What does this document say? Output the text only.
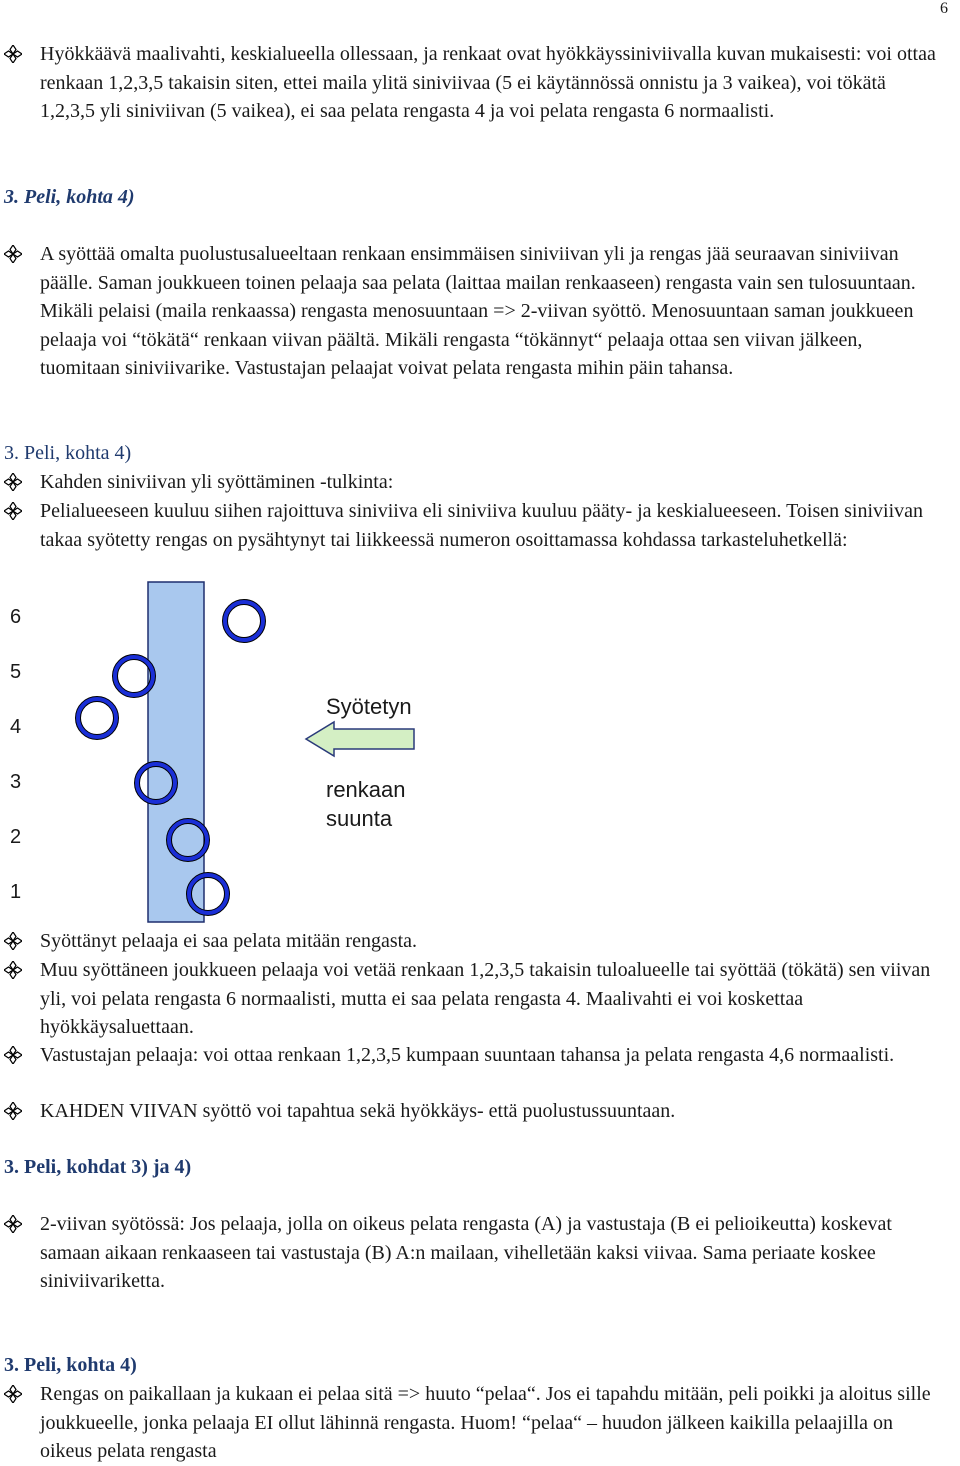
6

Hyökkäävä maalivahti, keskialueella ollessaan, ja renkaat ovat hyökkäyssiniviivalla kuvan mukaisesti: voi ottaa renkaan 1,2,3,5 takaisin siten, ettei maila ylitä siniviivaa (5 ei käytännössä onnistu ja 3 vaikea), voi tökätä 1,2,3,5 yli siniviivan (5 vaikea), ei saa pelata rengasta 4 ja voi pelata rengasta 6 normaalisti.

3. Peli, kohta 4)

A syöttää omalta puolustusalueeltaan renkaan ensimmäisen siniviivan yli ja rengas jää seuraavan siniviivan päälle. Saman joukkueen toinen pelaaja saa pelata (laittaa mailan renkaaseen) rengasta vain sen tulosuuntaan. Mikäli pelaisi (maila renkaassa) rengasta menosuuntaan => 2-viivan syöttö. Menosuuntaan saman joukkueen pelaaja voi “tökätä“ renkaan viivan päältä. Mikäli rengasta “tökännyt“ pelaaja ottaa sen viivan jälkeen, tuomitaan siniviivarike. Vastustajan pelaajat voivat pelata rengasta mihin päin tahansa.

3. Peli, kohta 4)

Kahden siniviivan yli syöttäminen -tulkinta:

Pelialueeseen kuuluu siihen rajoittuva siniviiva eli siniviiva kuuluu pääty- ja keskialueeseen. Toisen siniviivan takaa syötetty rengas on pysähtynyt tai liikkeessä numeron osoittamassa kohdassa tarkasteluhetkellä:

6
5
4
3
2
1
Syötetyn
renkaan
suunta

Syöttänyt pelaaja ei saa pelata mitään rengasta.

Muu syöttäneen joukkueen pelaaja voi vetää renkaan 1,2,3,5 takaisin tuloalueelle tai syöttää (tökätä) sen viivan yli, voi pelata rengasta 6 normaalisti, mutta ei saa pelata rengasta 4. Maalivahti ei voi koskettaa hyökkäysaluettaan.

Vastustajan pelaaja: voi ottaa renkaan 1,2,3,5 kumpaan suuntaan tahansa ja pelata rengasta 4,6 normaalisti.

KAHDEN VIIVAN syöttö voi tapahtua sekä hyökkäys- että puolustussuuntaan.

3. Peli, kohdat 3) ja 4)

2-viivan syötössä: Jos pelaaja, jolla on oikeus pelata rengasta (A) ja vastustaja (B ei pelioikeutta) koskevat samaan aikaan renkaaseen tai vastustaja (B) A:n mailaan, vihelletään kaksi viivaa. Sama periaate koskee siniviivariketta.

3. Peli, kohta 4)

Rengas on paikallaan ja kukaan ei pelaa sitä => huuto “pelaa“. Jos ei tapahdu mitään, peli poikki ja aloitus sille joukkueelle, jonka pelaaja EI ollut lähinnä rengasta. Huom! “pelaa“ – huudon jälkeen kaikilla pelaajilla on oikeus pelata rengasta
